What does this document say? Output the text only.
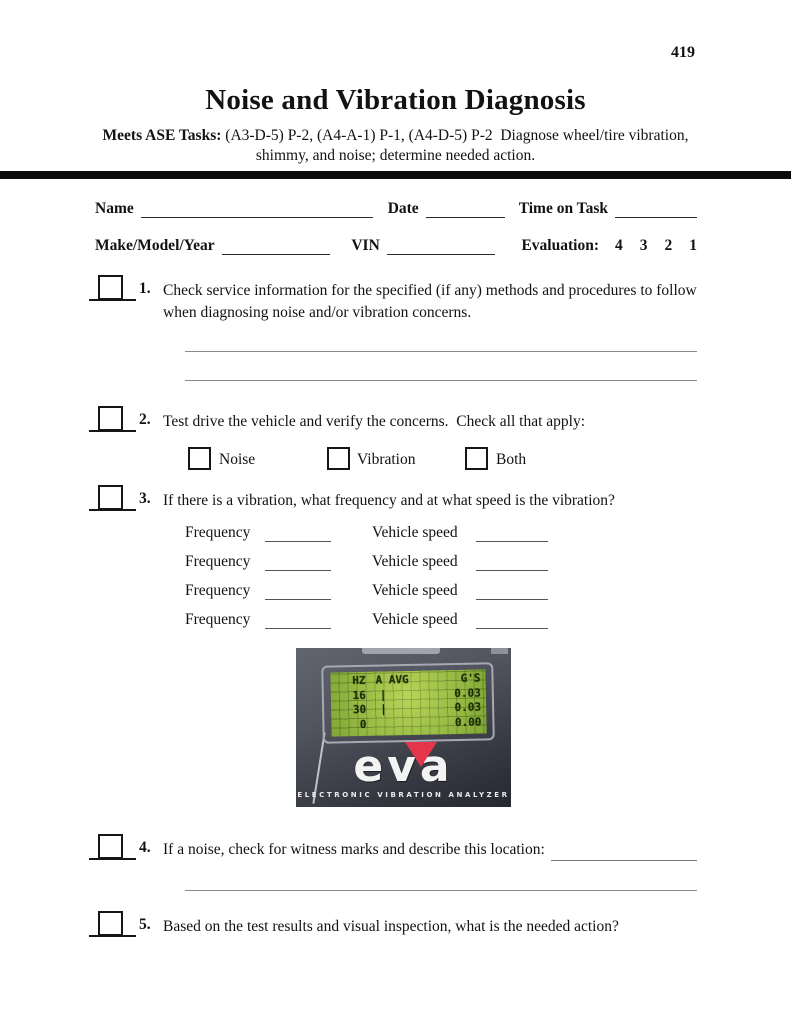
419
Noise and Vibration Diagnosis
Meets ASE Tasks: (A3-D-5) P-2, (A4-A-1) P-1, (A4-D-5) P-2  Diagnose wheel/tire vibration,
shimmy, and noise; determine needed action.
Name	Date	Time on Task
Make/Model/Year	VIN	Evaluation: 4 3 2 1
1. Check service information for the specified (if any) methods and procedures to follow when diagnosing noise and/or vibration concerns.
2. Test drive the vehicle and verify the concerns.  Check all that apply:
Noise	Vibration	Both
3. If there is a vibration, what frequency and at what speed is the vibration?
Frequency	Vehicle speed
Frequency	Vehicle speed
Frequency	Vehicle speed
Frequency	Vehicle speed
HZ A AVG	G'S
16	|	0.03
30	|	0.03
0	0.00
eva
ELECTRONIC VIBRATION ANALYZER
4. If a noise, check for witness marks and describe this location:
5. Based on the test results and visual inspection, what is the needed action?
